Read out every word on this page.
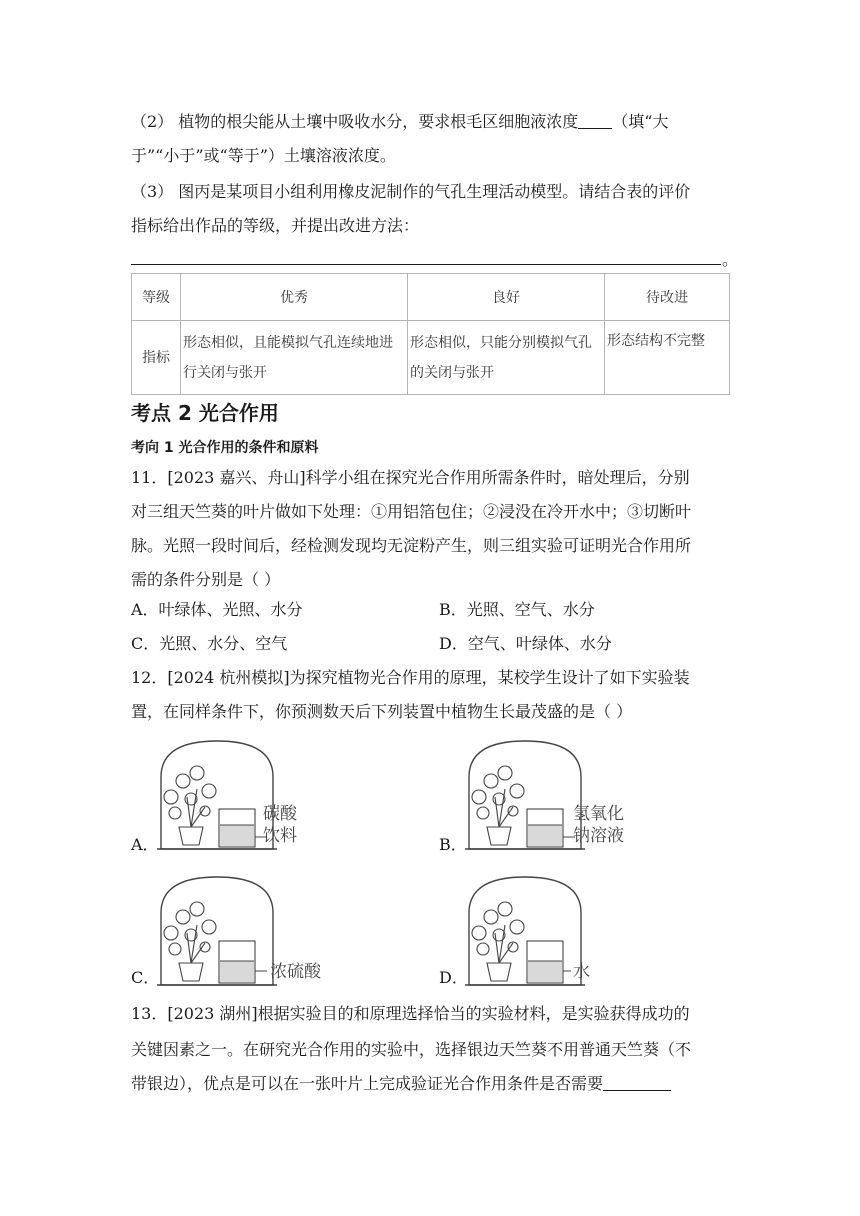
（2） 植物的根尖能从土壤中吸收水分，要求根毛区细胞液浓度 （填“大
于”“小于”或“等于”）土壤溶液浓度。
（3） 图丙是某项目小组利用橡皮泥制作的气孔生理活动模型。请结合表的评价
指标给出作品的等级，并提出改进方法：
。
等级	优秀	良好	待改进
指标	形态相似，且能模拟气孔连续地进
行关闭与张开	形态相似，只能分别模拟气孔
的关闭与张开	形态结构不完整
考点 2 光合作用
考向 1 光合作用的条件和原料
11．[2023 嘉兴、舟山]科学小组在探究光合作用所需条件时，暗处理后，分别
对三组天竺葵的叶片做如下处理：①用铝箔包住；②浸没在冷开水中；③切断叶
脉。光照一段时间后，经检测发现均无淀粉产生，则三组实验可证明光合作用所
需的条件分别是（ ）
A．叶绿体、光照、水分	B．光照、空气、水分
C．光照、水分、空气	D．空气、叶绿体、水分
12．[2024 杭州模拟]为探究植物光合作用的原理，某校学生设计了如下实验装
置，在同样条件下，你预测数天后下列装置中植物生长最茂盛的是（ ）
A．
碳酸
饮料	B．
氢氧化
钠溶液
C．	浓硫酸	D．	水
13．[2023 湖州]根据实验目的和原理选择恰当的实验材料，是实验获得成功的
关键因素之一。在研究光合作用的实验中，选择银边天竺葵不用普通天竺葵（不
带银边），优点是可以在一张叶片上完成验证光合作用条件是否需要
